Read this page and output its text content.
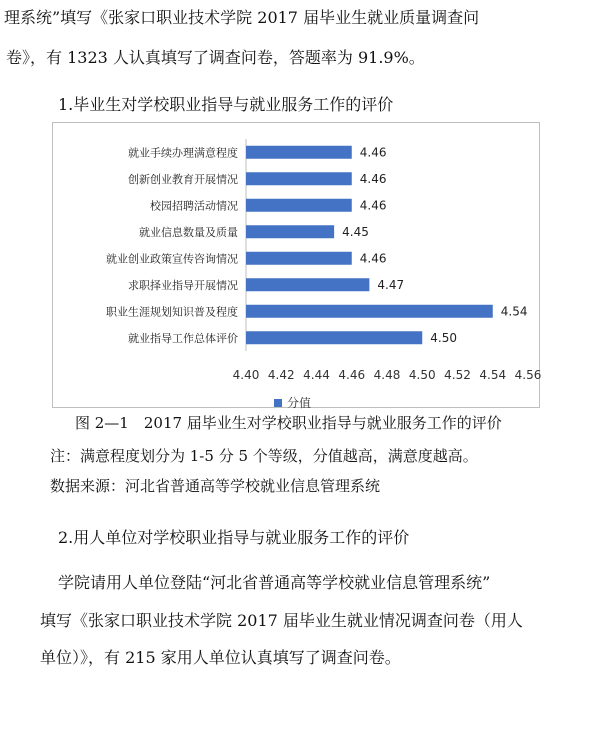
理系统”填写《张家口职业技术学院 2017 届毕业生就业质量调查问
卷》，有 1323 人认真填写了调查问卷，答题率为 91.9%。
1.毕业生对学校职业指导与就业服务工作的评价
就业手续办理满意程度	4.46
创新创业教育开展情况	4.46
校园招聘活动情况	4.46
就业信息数量及质量	4.45
就业创业政策宣传咨询情况	4.46
求职择业指导开展情况	4.47
职业生涯规划知识普及程度	4.54
就业指导工作总体评价	4.50
4.40 4.42 4.44 4.46 4.48 4.50 4.52 4.54 4.56
分值
图 2—1　2017 届毕业生对学校职业指导与就业服务工作的评价
注：满意程度划分为 1-5 分 5 个等级，分值越高，满意度越高。
数据来源：河北省普通高等学校就业信息管理系统
2.用人单位对学校职业指导与就业服务工作的评价
学院请用人单位登陆“河北省普通高等学校就业信息管理系统”
填写《张家口职业技术学院 2017 届毕业生就业情况调查问卷（用人
单位）》，有 215 家用人单位认真填写了调查问卷。
